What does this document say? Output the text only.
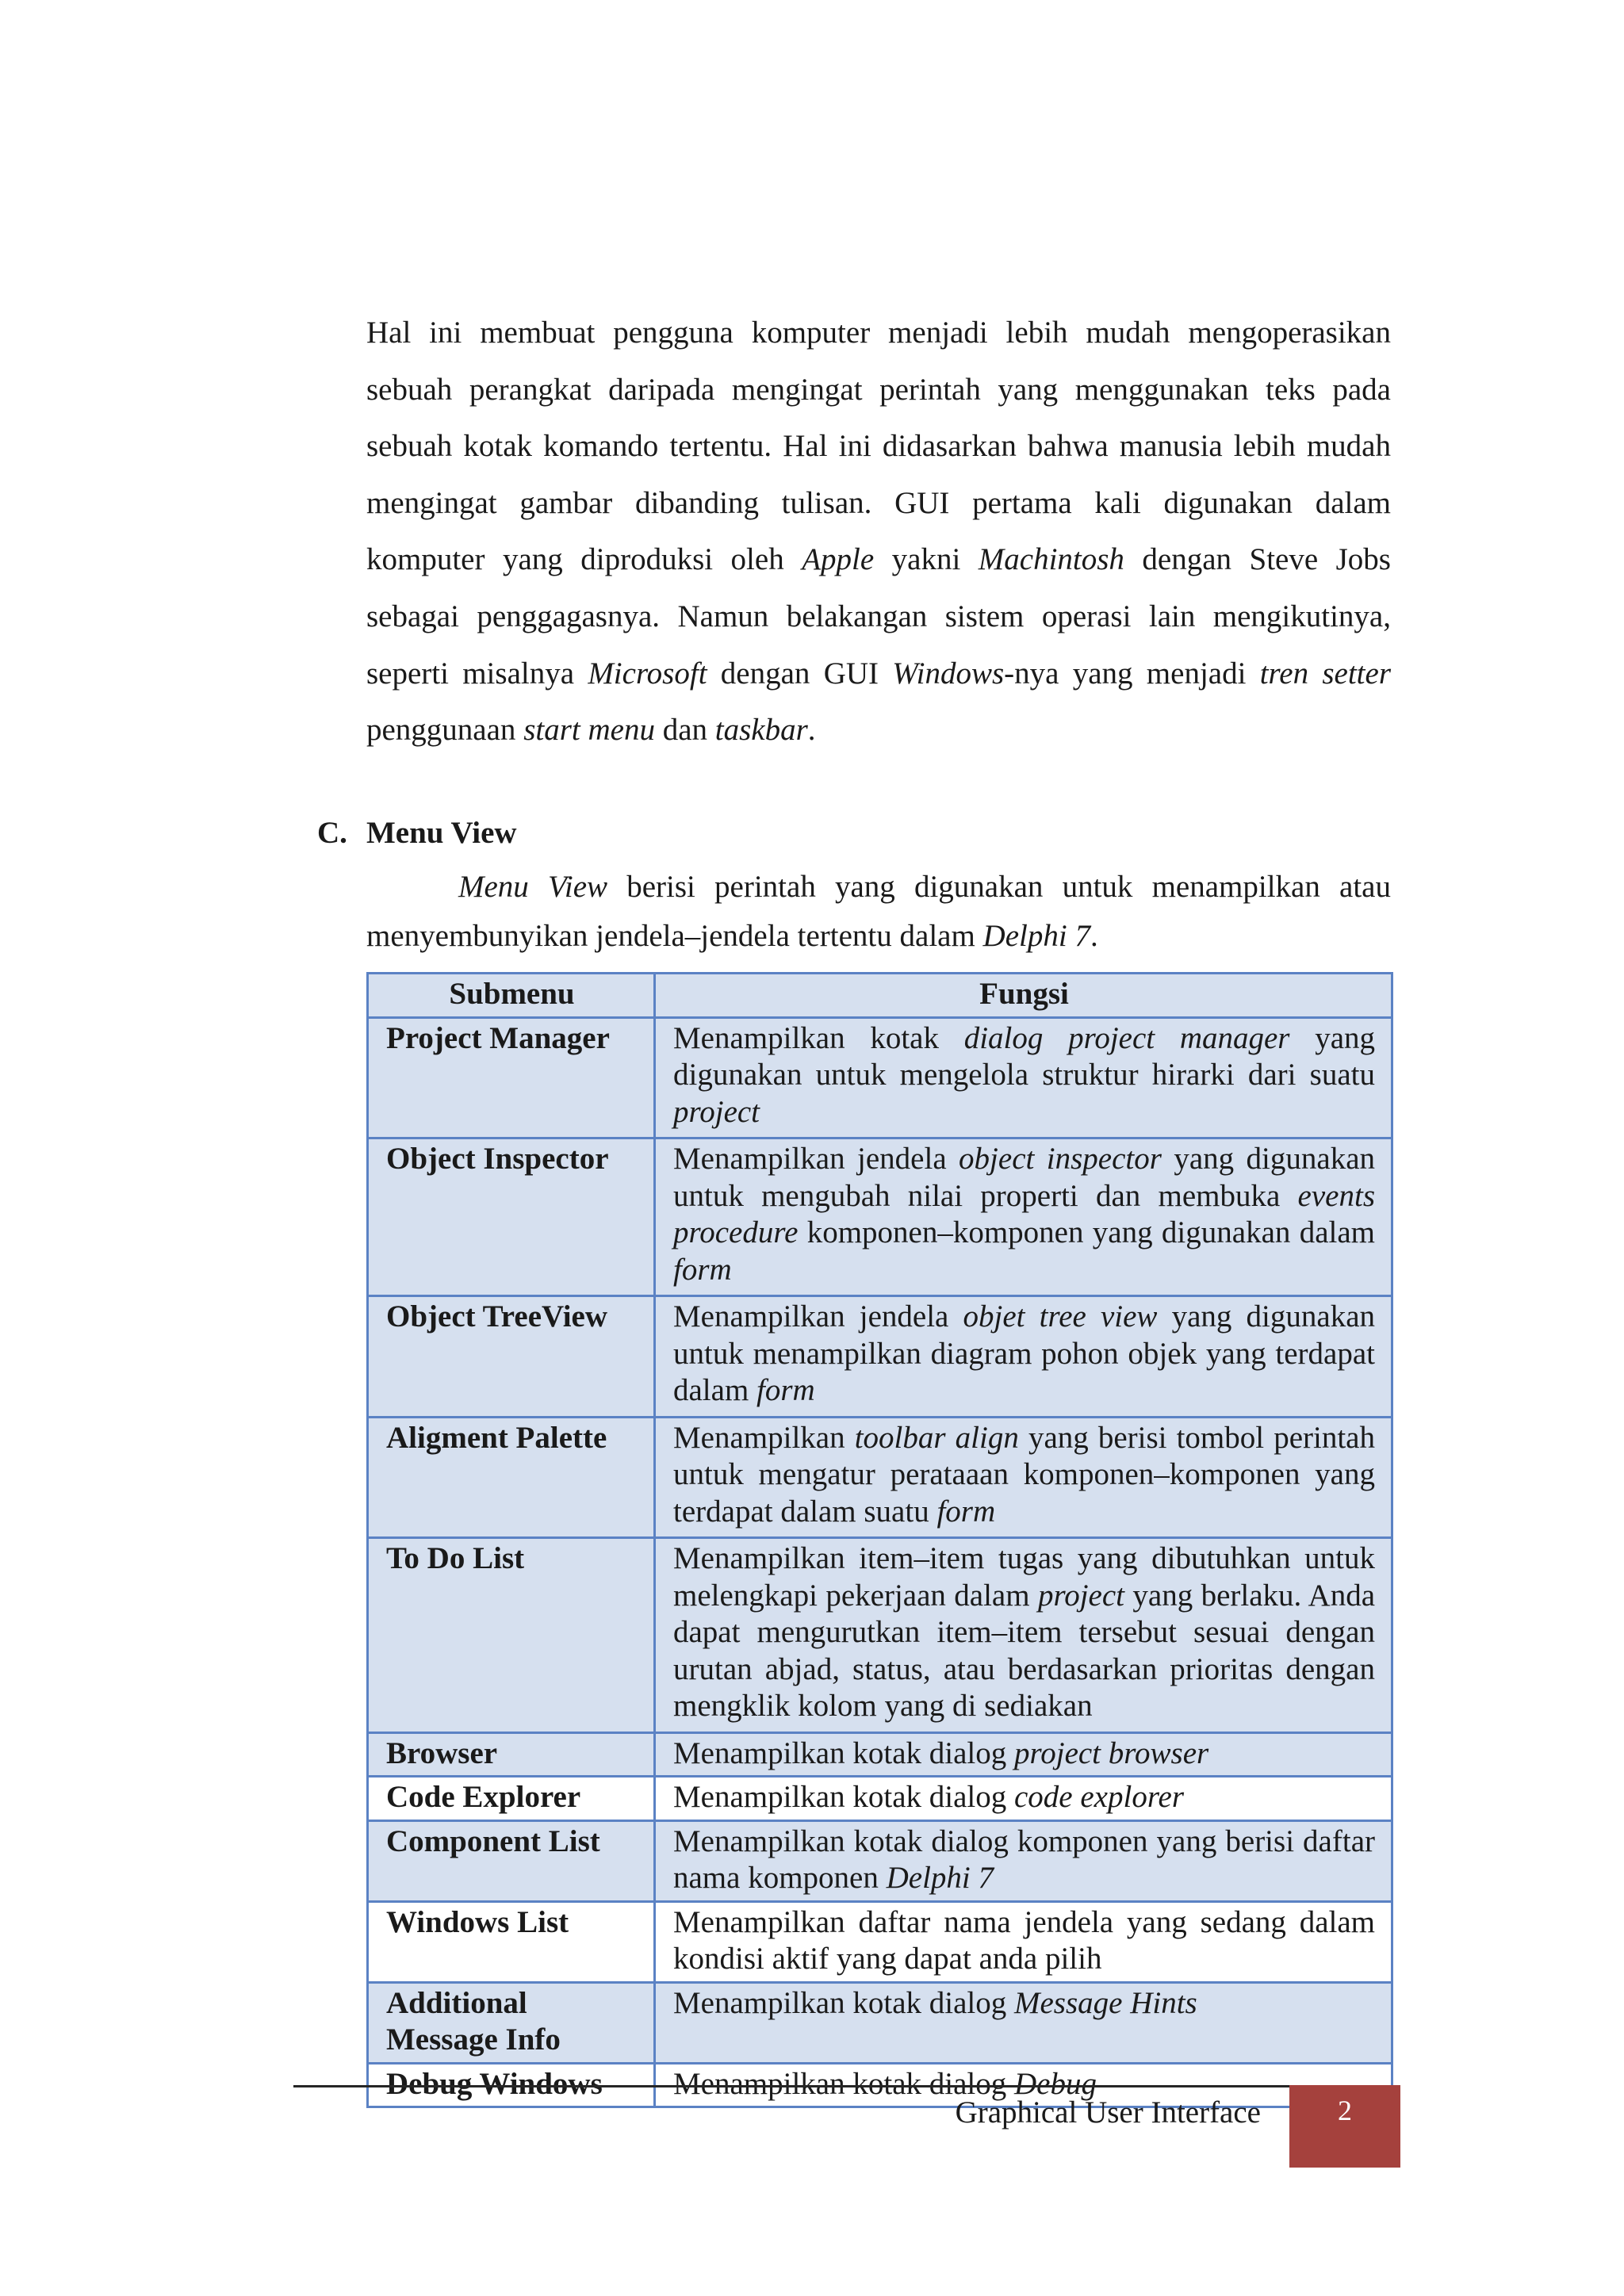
Hal ini membuat pengguna komputer menjadi lebih mudah mengoperasikan sebuah perangkat daripada mengingat perintah yang menggunakan teks pada sebuah kotak komando tertentu. Hal ini didasarkan bahwa manusia lebih mudah mengingat gambar dibanding tulisan. GUI pertama kali digunakan dalam komputer yang diproduksi oleh Apple yakni Machintosh dengan Steve Jobs sebagai penggagasnya. Namun belakangan sistem operasi lain mengikutinya, seperti misalnya Microsoft dengan GUI Windows-nya yang menjadi tren setter penggunaan start menu dan taskbar.

C. Menu View

Menu View berisi perintah yang digunakan untuk menampilkan atau menyembunyikan jendela–jendela tertentu dalam Delphi 7.

Submenu	Fungsi
Project Manager	Menampilkan kotak dialog project manager yang digunakan untuk mengelola struktur hirarki dari suatu project
Object Inspector	Menampilkan jendela object inspector yang digunakan untuk mengubah nilai properti dan membuka events procedure komponen–komponen yang digunakan dalam form
Object TreeView	Menampilkan jendela objet tree view yang digunakan untuk menampilkan diagram pohon objek yang terdapat dalam form
Aligment Palette	Menampilkan toolbar align yang berisi tombol perintah untuk mengatur perataaan komponen–komponen yang terdapat dalam suatu form
To Do List	Menampilkan item–item tugas yang dibutuhkan untuk melengkapi pekerjaan dalam project yang berlaku. Anda dapat mengurutkan item–item tersebut sesuai dengan urutan abjad, status, atau berdasarkan prioritas dengan mengklik kolom yang di sediakan
Browser	Menampilkan kotak dialog project browser
Code Explorer	Menampilkan kotak dialog code explorer
Component List	Menampilkan kotak dialog komponen yang berisi daftar nama komponen Delphi 7
Windows List	Menampilkan daftar nama jendela yang sedang dalam kondisi aktif yang dapat anda pilih
Additional Message Info	Menampilkan kotak dialog Message Hints
Debug Windows	Menampilkan kotak dialog Debug

Graphical User Interface	2
